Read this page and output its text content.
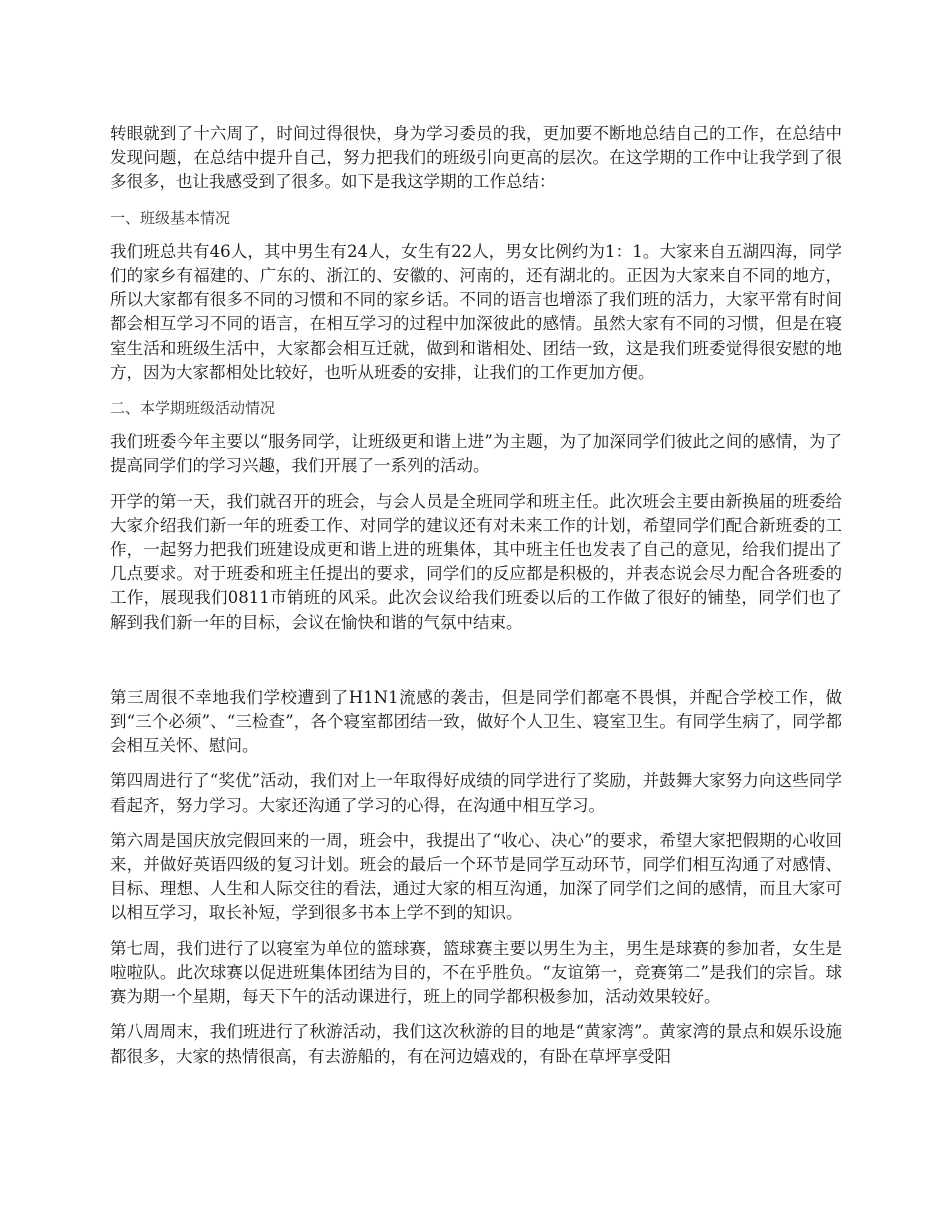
转眼就到了十六周了，时间过得很快，身为学习委员的我，更加要不断地总结自己的工作，在总结中发现问题，在总结中提升自己，努力把我们的班级引向更高的层次。在这学期的工作中让我学到了很多很多，也让我感受到了很多。如下是我这学期的工作总结：

一、班级基本情况

我们班总共有46人，其中男生有24人，女生有22人，男女比例约为1：1。大家来自五湖四海，同学们的家乡有福建的、广东的、浙江的、安徽的、河南的，还有湖北的。正因为大家来自不同的地方，所以大家都有很多不同的习惯和不同的家乡话。不同的语言也增添了我们班的活力，大家平常有时间都会相互学习不同的语言，在相互学习的过程中加深彼此的感情。虽然大家有不同的习惯，但是在寝室生活和班级生活中，大家都会相互迁就，做到和谐相处、团结一致，这是我们班委觉得很安慰的地方，因为大家都相处比较好，也听从班委的安排，让我们的工作更加方便。

二、本学期班级活动情况

我们班委今年主要以“服务同学，让班级更和谐上进”为主题，为了加深同学们彼此之间的感情，为了提高同学们的学习兴趣，我们开展了一系列的活动。

开学的第一天，我们就召开的班会，与会人员是全班同学和班主任。此次班会主要由新换届的班委给大家介绍我们新一年的班委工作、对同学的建议还有对未来工作的计划，希望同学们配合新班委的工作，一起努力把我们班建设成更和谐上进的班集体，其中班主任也发表了自己的意见，给我们提出了几点要求。对于班委和班主任提出的要求，同学们的反应都是积极的，并表态说会尽力配合各班委的工作，展现我们0811市销班的风采。此次会议给我们班委以后的工作做了很好的铺垫，同学们也了解到我们新一年的目标，会议在愉快和谐的气氛中结束。

第三周很不幸地我们学校遭到了H1N1流感的袭击，但是同学们都毫不畏惧，并配合学校工作，做到“三个必须”、“三检查”，各个寝室都团结一致，做好个人卫生、寝室卫生。有同学生病了，同学都会相互关怀、慰问。

第四周进行了“奖优”活动，我们对上一年取得好成绩的同学进行了奖励，并鼓舞大家努力向这些同学看起齐，努力学习。大家还沟通了学习的心得，在沟通中相互学习。

第六周是国庆放完假回来的一周，班会中，我提出了“收心、决心”的要求，希望大家把假期的心收回来，并做好英语四级的复习计划。班会的最后一个环节是同学互动环节，同学们相互沟通了对感情、目标、理想、人生和人际交往的看法，通过大家的相互沟通，加深了同学们之间的感情，而且大家可以相互学习，取长补短，学到很多书本上学不到的知识。

第七周，我们进行了以寝室为单位的篮球赛，篮球赛主要以男生为主，男生是球赛的参加者，女生是啦啦队。此次球赛以促进班集体团结为目的，不在乎胜负。“友谊第一，竞赛第二”是我们的宗旨。球赛为期一个星期，每天下午的活动课进行，班上的同学都积极参加，活动效果较好。

第八周周末，我们班进行了秋游活动，我们这次秋游的目的地是“黄家湾”。黄家湾的景点和娱乐设施都很多，大家的热情很高，有去游船的，有在河边嬉戏的，有卧在草坪享受阳
